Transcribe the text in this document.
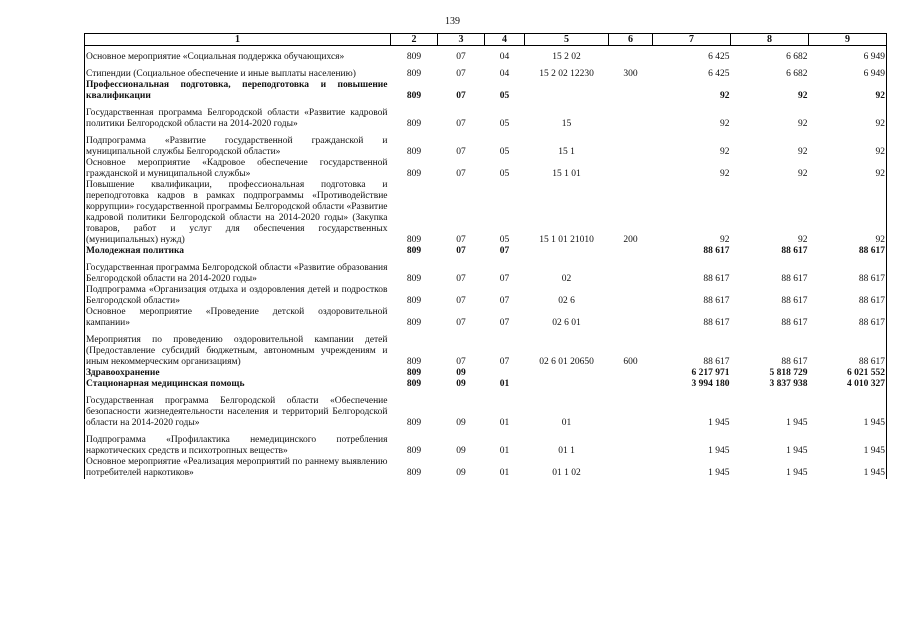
139
1	2	3	4	5	6	7	8	9

Основное мероприятие «Социальная поддержка обучающихся»	809	07	04	15 2 02		6 425	6 682	6 949

Стипендии (Социальное обеспечение и иные выплаты населению)	809	07	04	15 2 02 12230	300	6 425	6 682	6 949
Профессиональная подготовка, переподготовка и повышение квалификации	809	07	05			92	92	92

Государственная программа Белгородской области «Развитие кадровой политики Белгородской области на 2014-2020 годы»	809	07	05	15		92	92	92

Подпрограмма «Развитие государственной гражданской и муниципальной службы Белгородской области»	809	07	05	15 1		92	92	92
Основное мероприятие «Кадровое обеспечение государственной гражданской и муниципальной службы»	809	07	05	15 1 01		92	92	92
Повышение квалификации, профессиональная подготовка и переподготовка кадров в рамках подпрограммы «Противодействие коррупции» государственной программы Белгородской области «Развитие кадровой политики Белгородской области на 2014-2020 годы» (Закупка товаров, работ и услуг для обеспечения государственных (муниципальных) нужд)	809	07	05	15 1 01 21010	200	92	92	92
Молодежная политика	809	07	07			88 617	88 617	88 617

Государственная программа Белгородской области «Развитие образования Белгородской области на 2014-2020 годы»	809	07	07	02		88 617	88 617	88 617
Подпрограмма «Организация отдыха и оздоровления детей и подростков Белгородской области»	809	07	07	02 6		88 617	88 617	88 617
Основное мероприятие «Проведение детской оздоровительной кампании»	809	07	07	02 6 01		88 617	88 617	88 617

Мероприятия по проведению оздоровительной кампании детей (Предоставление субсидий бюджетным, автономным учреждениям и иным некоммерческим организациям)	809	07	07	02 6 01 20650	600	88 617	88 617	88 617
Здравоохранение	809	09				6 217 971	5 818 729	6 021 552
Стационарная медицинская помощь	809	09	01			3 994 180	3 837 938	4 010 327

Государственная программа Белгородской области «Обеспечение безопасности жизнедеятельности населения и территорий Белгородской области на 2014-2020 годы»	809	09	01	01		1 945	1 945	1 945

Подпрограмма «Профилактика немедицинского потребления наркотических средств и психотропных веществ»	809	09	01	01 1		1 945	1 945	1 945
Основное мероприятие «Реализация мероприятий по раннему выявлению потребителей наркотиков»	809	09	01	01 1 02		1 945	1 945	1 945
